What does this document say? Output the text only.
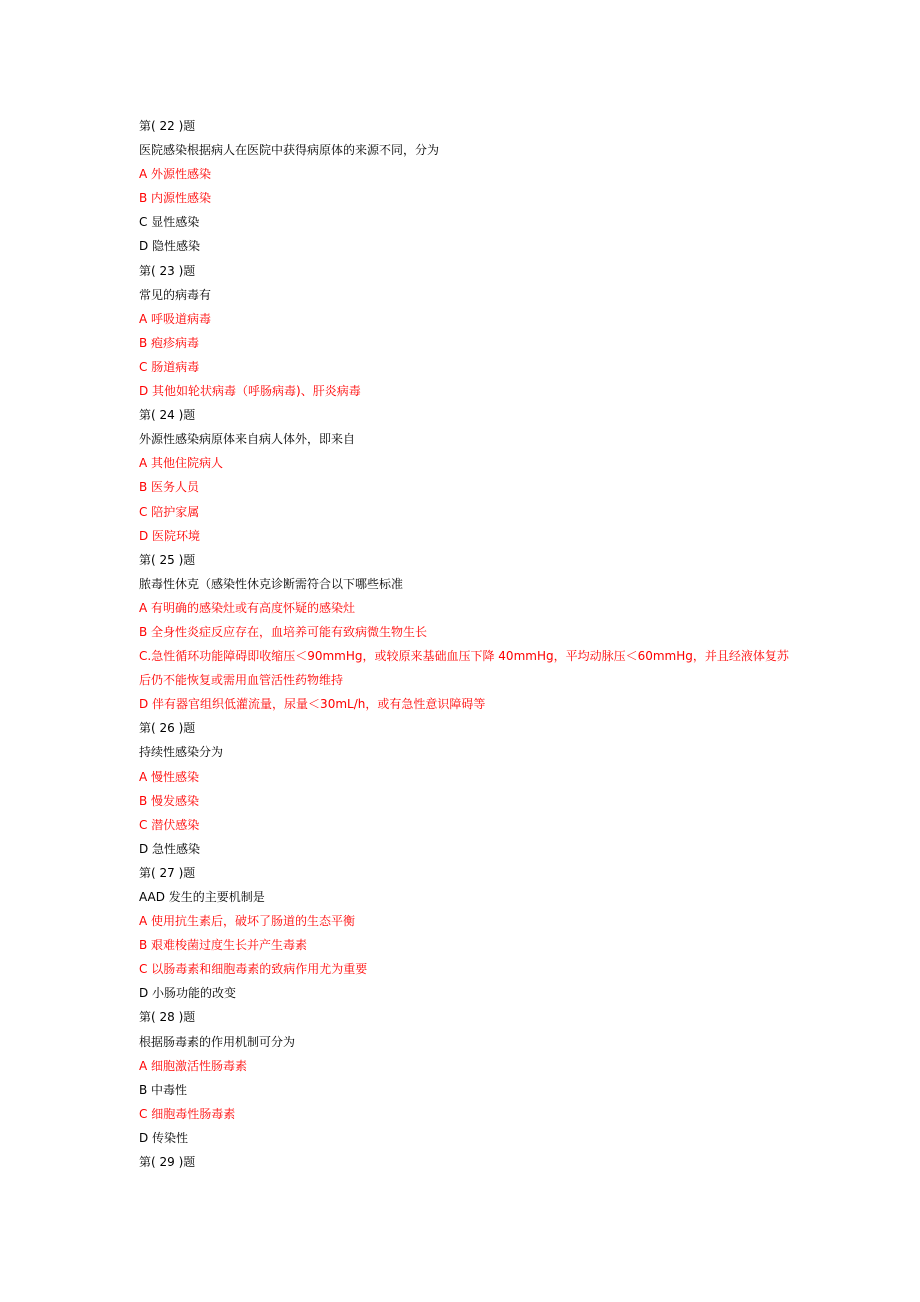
第( 22 )题
医院感染根据病人在医院中获得病原体的来源不同，分为
A 外源性感染
B 内源性感染
C 显性感染
D 隐性感染
第( 23 )题
常见的病毒有
A 呼吸道病毒
B 疱疹病毒
C 肠道病毒
D 其他如轮状病毒（呼肠病毒)、肝炎病毒
第( 24 )题
外源性感染病原体来自病人体外，即来自
A 其他住院病人
B 医务人员
C 陪护家属
D 医院环境
第( 25 )题
脓毒性休克（感染性休克诊断需符合以下哪些标准
A 有明确的感染灶或有高度怀疑的感染灶
B 全身性炎症反应存在，血培养可能有致病微生物生长
C.急性循环功能障碍即收缩压＜90mmHg，或较原来基础血压下降 40mmHg，平均动脉压＜60mmHg，并且经液体复苏后仍不能恢复或需用血管活性药物维持
D 伴有器官组织低灌流量，尿量＜30mL/h，或有急性意识障碍等
第( 26 )题
持续性感染分为
A 慢性感染
B 慢发感染
C 潜伏感染
D 急性感染
第( 27 )题
AAD 发生的主要机制是
A 使用抗生素后，破坏了肠道的生态平衡
B 艰难梭菌过度生长并产生毒素
C 以肠毒素和细胞毒素的致病作用尤为重要
D 小肠功能的改变
第( 28 )题
根据肠毒素的作用机制可分为
A 细胞激活性肠毒素
B 中毒性
C 细胞毒性肠毒素
D 传染性
第( 29 )题
